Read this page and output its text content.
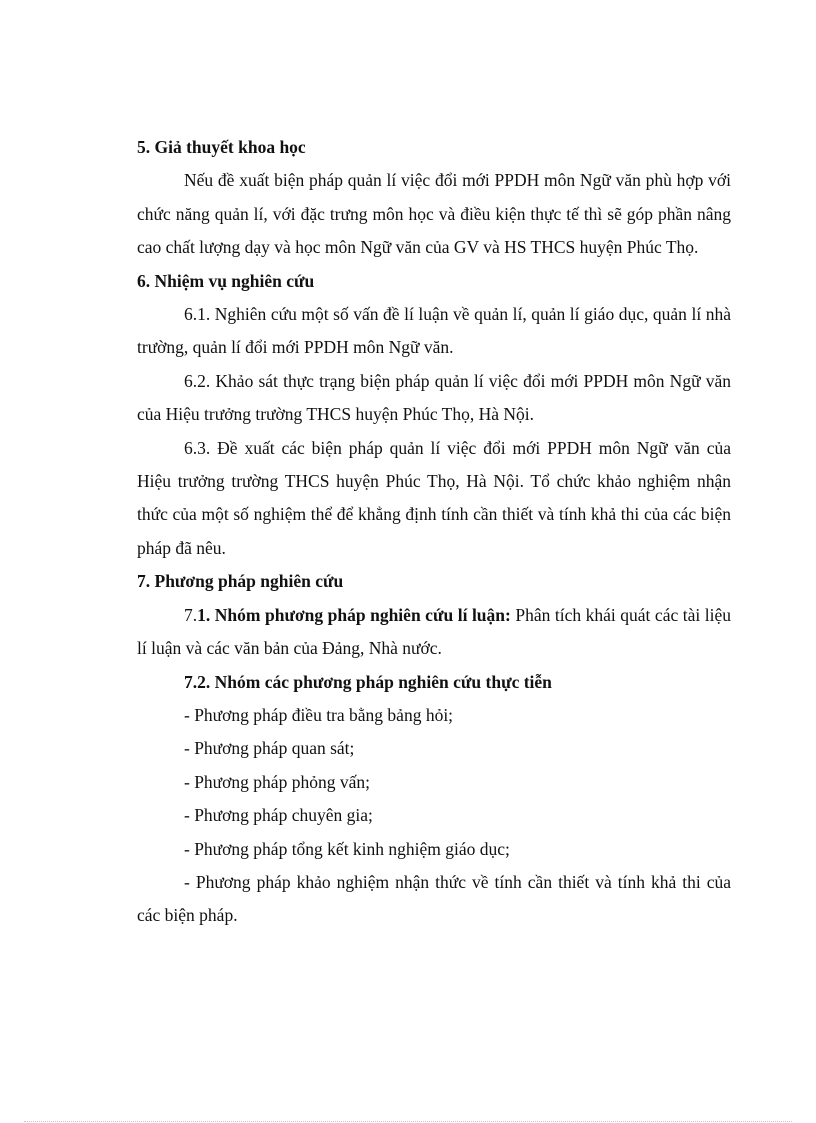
5. Giả thuyết khoa học

Nếu đề xuất biện pháp quản lí việc đổi mới PPDH môn Ngữ văn phù hợp với chức năng quản lí, với đặc trưng môn học và điều kiện thực tế thì sẽ góp phần nâng cao chất lượng dạy và học môn Ngữ văn của GV và HS THCS huyện Phúc Thọ.

6. Nhiệm vụ nghiên cứu

6.1. Nghiên cứu một số vấn đề lí luận về quản lí, quản lí giáo dục, quản lí nhà trường, quản lí đổi mới PPDH môn Ngữ văn.

6.2. Khảo sát thực trạng biện pháp quản lí việc đổi mới PPDH môn Ngữ văn của Hiệu trưởng trường THCS huyện Phúc Thọ, Hà Nội.

6.3. Đề xuất các biện pháp quản lí việc đổi mới PPDH môn Ngữ văn của Hiệu trưởng trường THCS huyện Phúc Thọ, Hà Nội. Tổ chức khảo nghiệm nhận thức của một số nghiệm thể để khẳng định tính cần thiết và tính khả thi của các biện pháp đã nêu.

7. Phương pháp nghiên cứu

7.1. Nhóm phương pháp nghiên cứu lí luận: Phân tích khái quát các tài liệu lí luận và các văn bản của Đảng, Nhà nước.

7.2. Nhóm các phương pháp nghiên cứu thực tiễn

- Phương pháp điều tra bằng bảng hỏi;

- Phương pháp quan sát;

- Phương pháp phỏng vấn;

- Phương pháp chuyên gia;

- Phương pháp tổng kết kinh nghiệm giáo dục;

- Phương pháp khảo nghiệm nhận thức về tính cần thiết và tính khả thi của các biện pháp.
